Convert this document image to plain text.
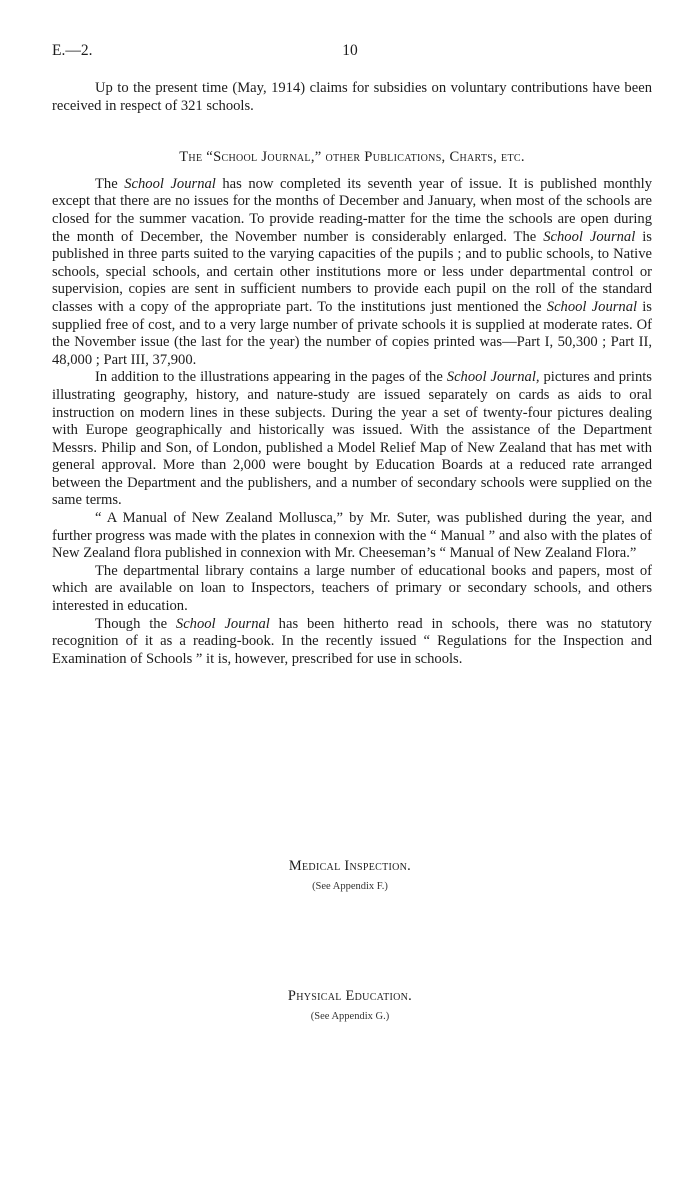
E.—2.	10

Up to the present time (May, 1914) claims for subsidies on voluntary contributions have been received in respect of 321 schools.

The “School Journal,” other Publications, Charts, etc.

The School Journal has now completed its seventh year of issue. It is published monthly except that there are no issues for the months of December and January, when most of the schools are closed for the summer vacation. To provide reading-matter for the time the schools are open during the month of December, the November number is considerably enlarged. The School Journal is published in three parts suited to the varying capacities of the pupils ; and to public schools, to Native schools, special schools, and certain other institutions more or less under departmental control or supervision, copies are sent in sufficient numbers to provide each pupil on the roll of the standard classes with a copy of the appropriate part. To the institutions just mentioned the School Journal is supplied free of cost, and to a very large number of private schools it is supplied at moderate rates. Of the November issue (the last for the year) the number of copies printed was—Part I, 50,300 ; Part II, 48,000 ; Part III, 37,900.

In addition to the illustrations appearing in the pages of the School Journal, pictures and prints illustrating geography, history, and nature-study are issued separately on cards as aids to oral instruction on modern lines in these subjects. During the year a set of twenty-four pictures dealing with Europe geographically and historically was issued. With the assistance of the Department Messrs. Philip and Son, of London, published a Model Relief Map of New Zealand that has met with general approval. More than 2,000 were bought by Education Boards at a reduced rate arranged between the Department and the publishers, and a number of secondary schools were supplied on the same terms.

“ A Manual of New Zealand Mollusca,” by Mr. Suter, was published during the year, and further progress was made with the plates in connexion with the “ Manual ” and also with the plates of New Zealand flora published in connexion with Mr. Cheeseman’s “ Manual of New Zealand Flora.”

The departmental library contains a large number of educational books and papers, most of which are available on loan to Inspectors, teachers of primary or secondary schools, and others interested in education.

Though the School Journal has been hitherto read in schools, there was no statutory recognition of it as a reading-book. In the recently issued “ Regulations for the Inspection and Examination of Schools ” it is, however, prescribed for use in schools.

Medical Inspection.
(See Appendix F.)
Physical Education.
(See Appendix G.)
